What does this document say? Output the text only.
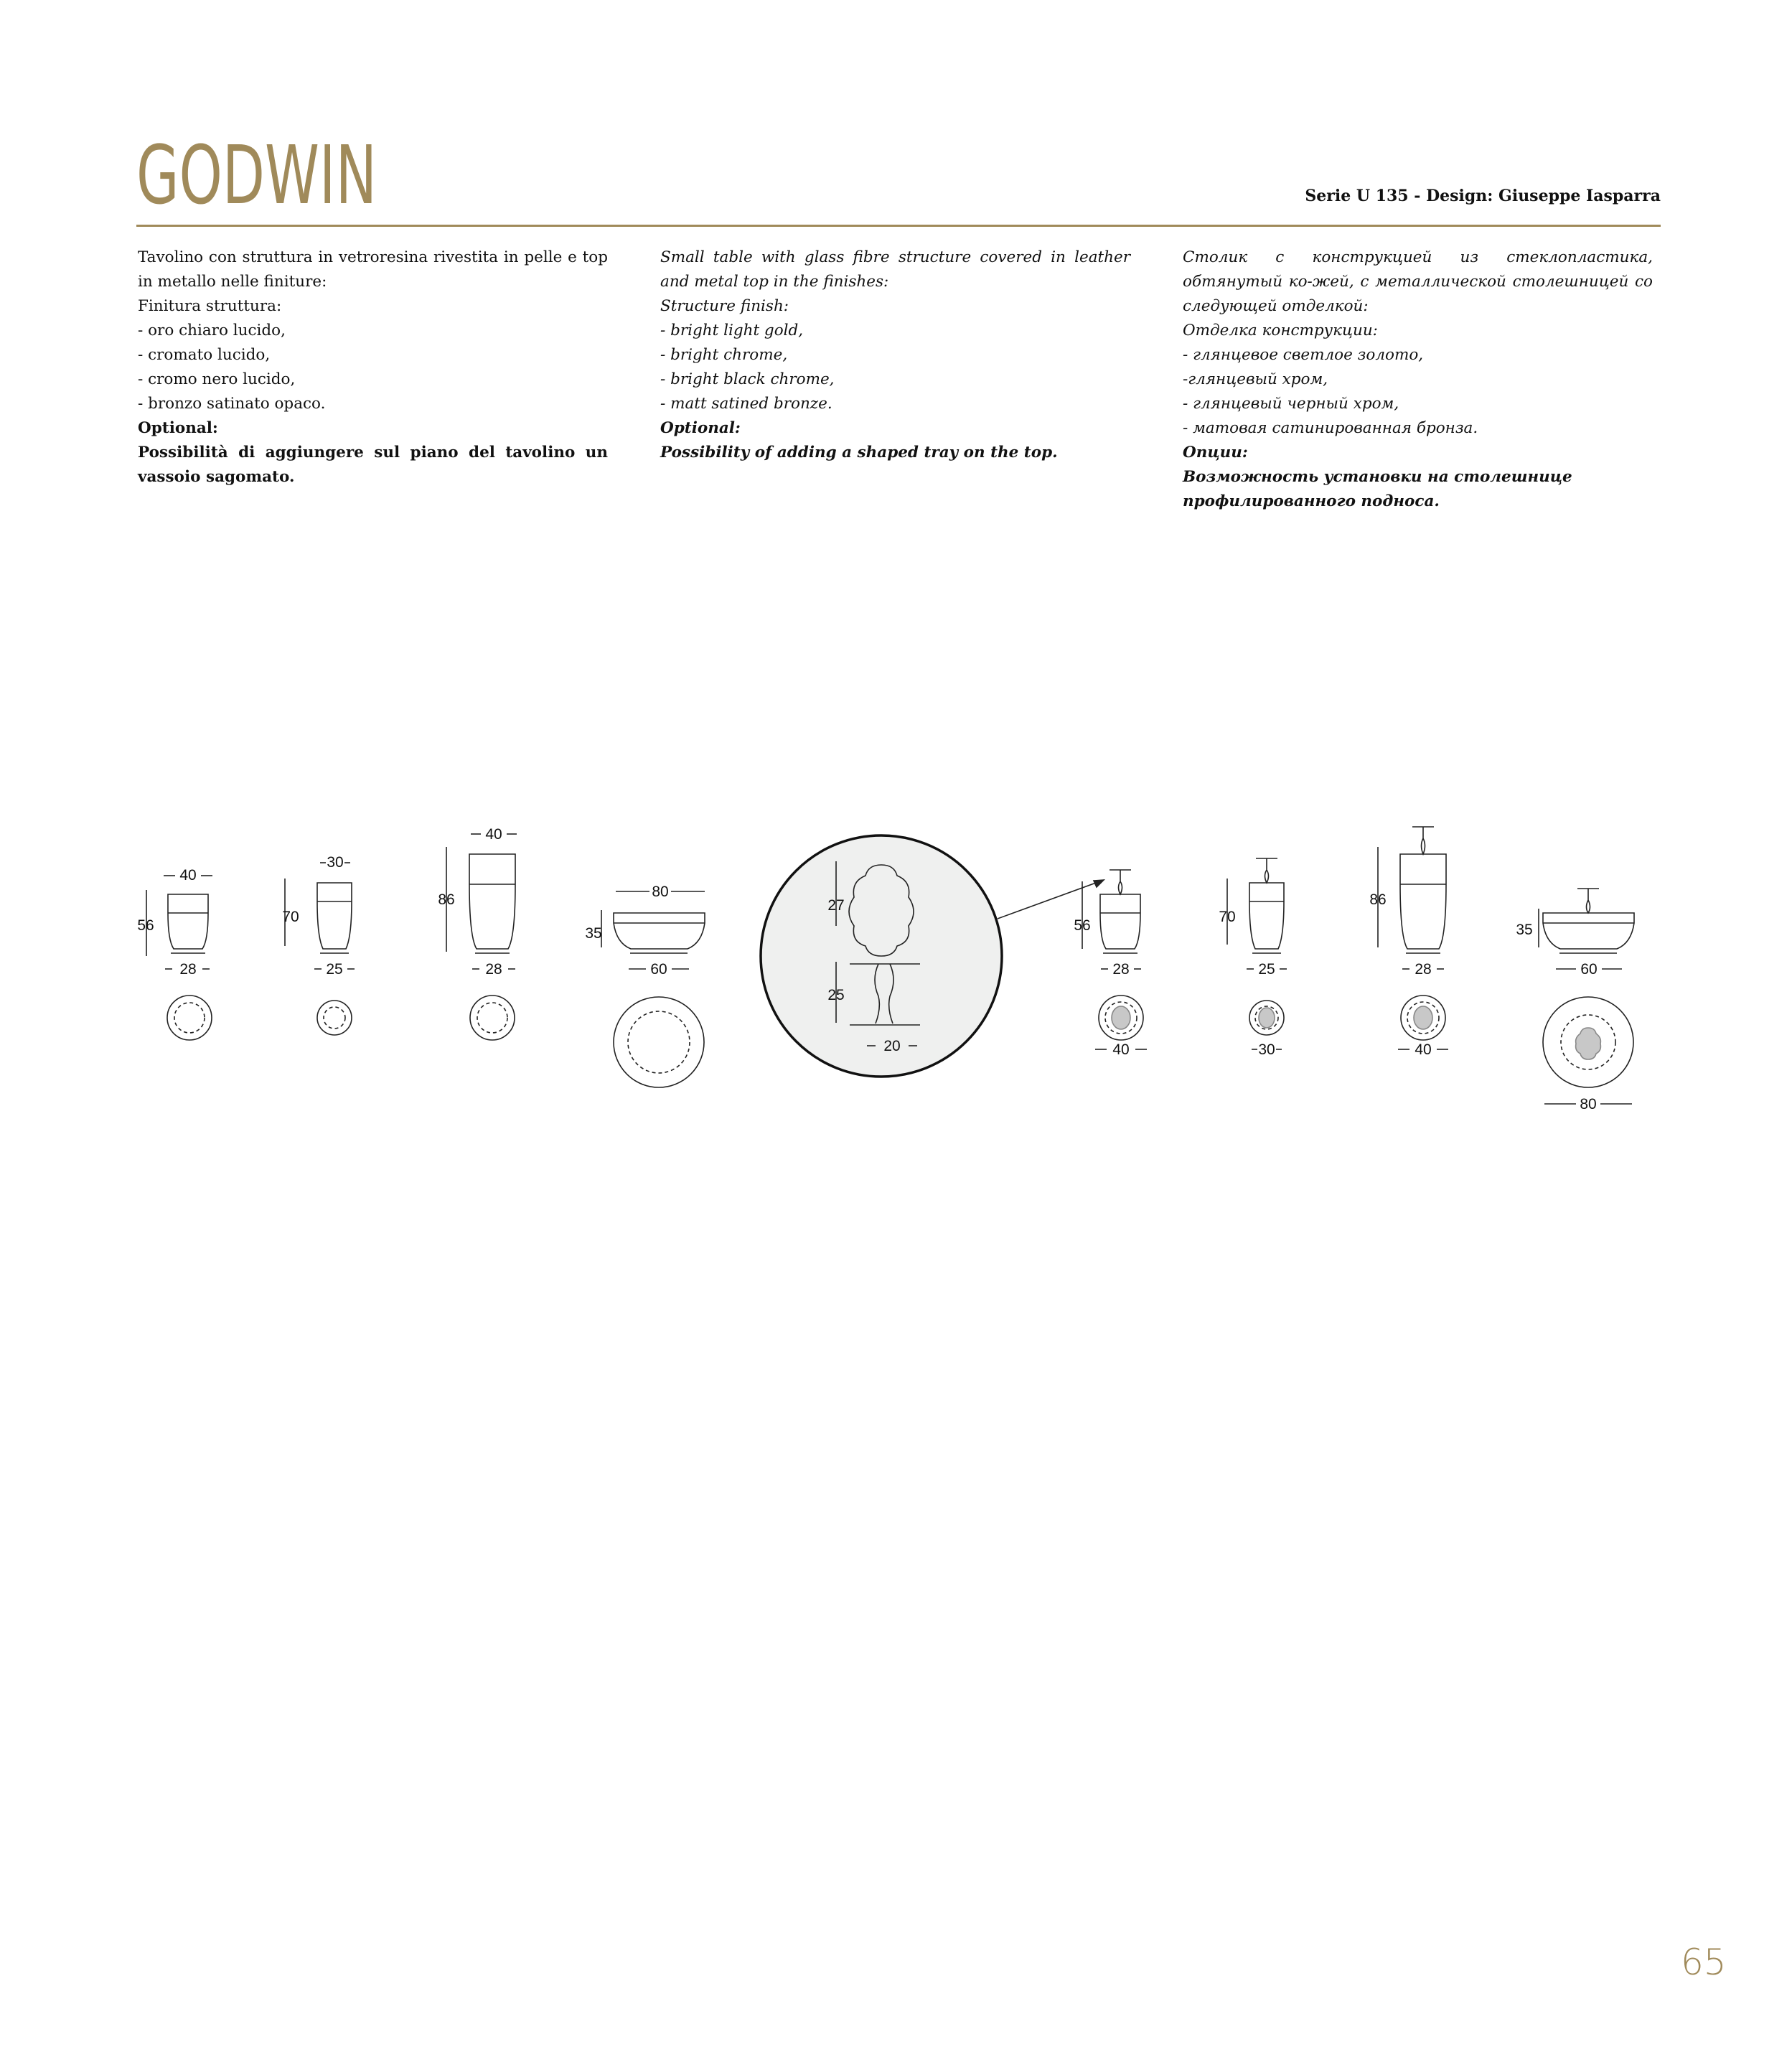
GODWIN	Serie U 135 - Design: Giuseppe Iasparra

Tavolino con struttura in vetroresina rivestita in pelle e top in metallo nelle finiture:

Finitura struttura:

- oro chiaro lucido,

- cromato lucido,

- cromo nero lucido,

- bronzo satinato opaco.

Optional:

Possibilità di aggiungere sul piano del tavolino un vassoio sagomato.

Small table with glass fibre structure covered in leather and metal top in the finishes:

Structure finish:

- bright light gold,

- bright chrome,

- bright black chrome,

- matt satined bronze.

Optional:

Possibility of adding a shaped tray on the top.

Столик с конструкцией из стеклопластика, обтянутый ко-жей, с металлической столешницей со следующей отделкой:

Отделка конструкции:

- глянцевое светлое золото,

-глянцевый хром,

- глянцевый черный хром,

- матовая сатинированная бронза.

Опции:

Возможность установки на столешнице профилированного подноса.

40
56
28
30
70
25
40
86
28
80
35
60
27
25
20
56
28
40
70
25
30
86
28
40
35
60
80
65
